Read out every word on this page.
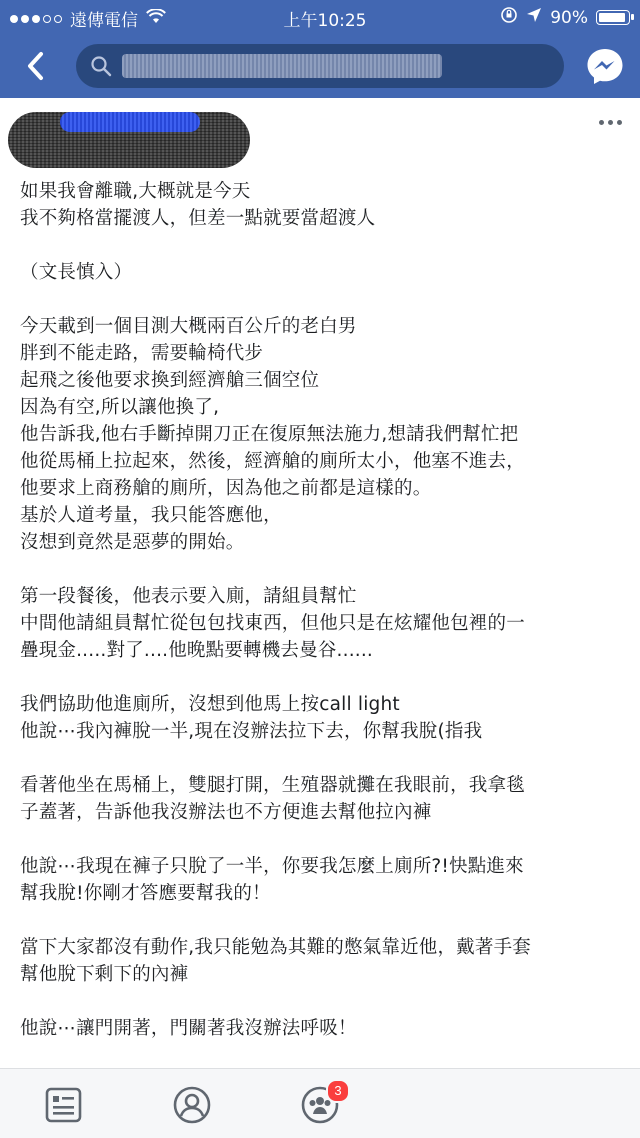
遠傳電信	上午10:25	90%
如果我會離職,大概就是今天
我不夠格當擺渡人，但差一點就要當超渡人
（文長慎入）
今天載到一個目測大概兩百公斤的老白男
胖到不能走路，需要輪椅代步
起飛之後他要求換到經濟艙三個空位
因為有空,所以讓他換了,
他告訴我,他右手斷掉開刀正在復原無法施力,想請我們幫忙把
他從馬桶上拉起來，然後，經濟艙的廁所太小，他塞不進去，
他要求上商務艙的廁所，因為他之前都是這樣的。
基於人道考量，我只能答應他，
沒想到竟然是惡夢的開始。
第一段餐後，他表示要入廁，請組員幫忙
中間他請組員幫忙從包包找東西，但他只是在炫耀他包裡的一
疊現金.....對了....他晚點要轉機去曼谷......
我們協助他進廁所，沒想到他馬上按call light
他說⋯我內褲脫一半,現在沒辦法拉下去，你幫我脫(指我
看著他坐在馬桶上，雙腿打開，生殖器就攤在我眼前，我拿毯
子蓋著，告訴他我沒辦法也不方便進去幫他拉內褲
他說⋯我現在褲子只脫了一半，你要我怎麼上廁所?!快點進來
幫我脫!你剛才答應要幫我的！
當下大家都沒有動作,我只能勉為其難的憋氣靠近他，戴著手套
幫他脫下剩下的內褲
他說⋯讓門開著，門關著我沒辦法呼吸！
3
